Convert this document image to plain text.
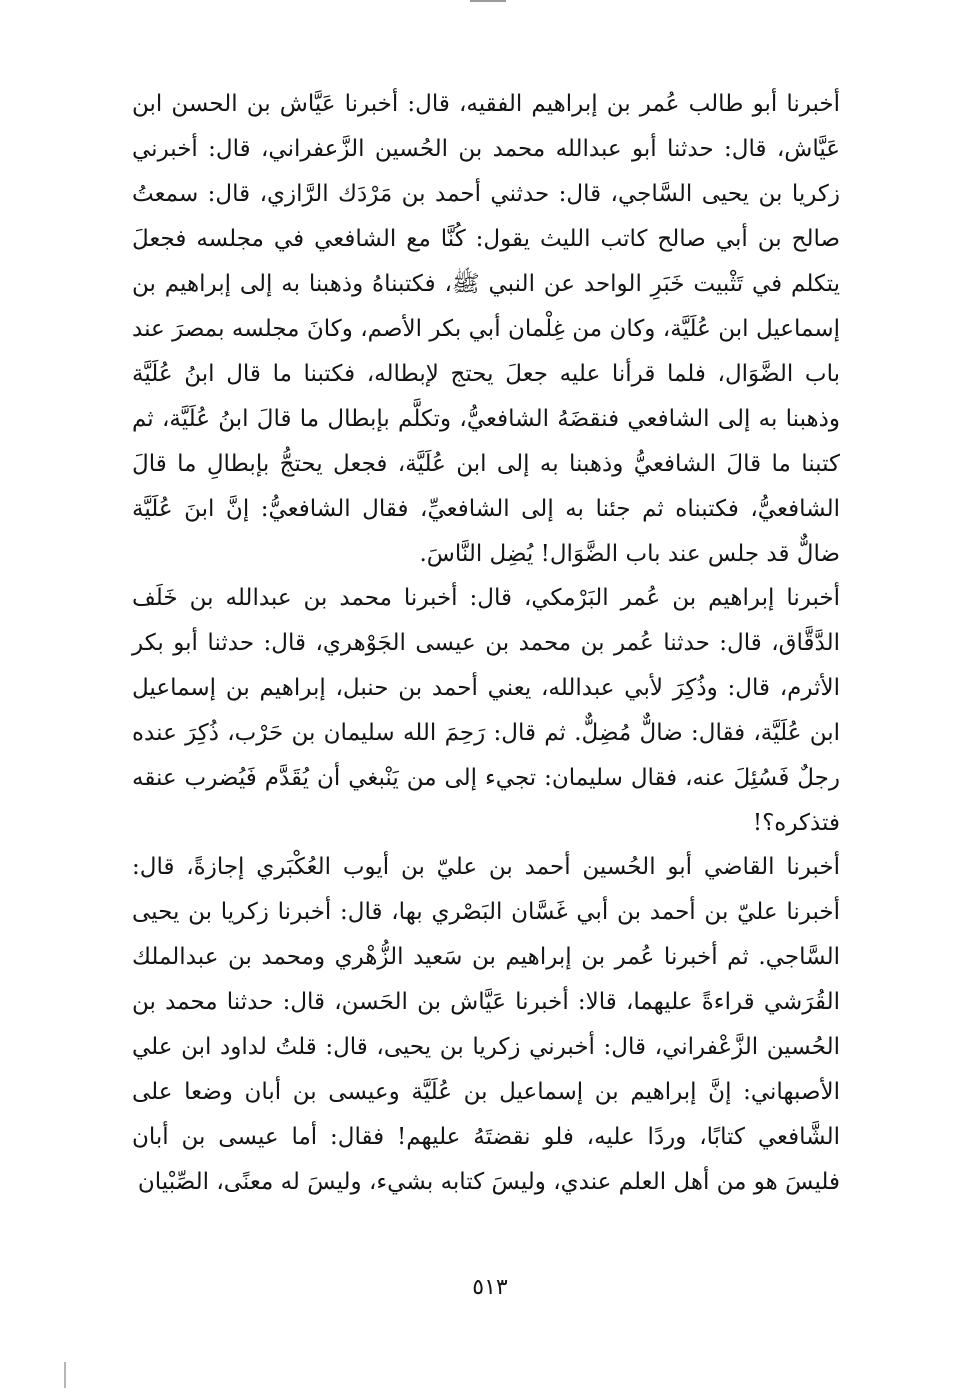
أخبرنا أبو طالب عُمر بن إبراهيم الفقيه، قال: أخبرنا عَيَّاش بن الحسن ابن عَيَّاش، قال: حدثنا أبو عبدالله محمد بن الحُسين الزَّعفراني، قال: أخبرني زكريا بن يحيى السَّاجي، قال: حدثني أحمد بن مَرْدَك الرَّازي، قال: سمعتُ صالح بن أبي صالح كاتب الليث يقول: كُنَّا مع الشافعي في مجلسه فجعلَ يتكلم في تَثْبيت خَبَرِ الواحد عن النبي ﷺ، فكتبناهُ وذهبنا به إلى إبراهيم بن إسماعيل ابن عُلَيَّة، وكان من غِلْمان أبي بكر الأصم، وكانَ مجلسه بمصرَ عند باب الضَّوَال، فلما قرأنا عليه جعلَ يحتج لإبطاله، فكتبنا ما قال ابنُ عُلَيَّة وذهبنا به إلى الشافعي فنقضَهُ الشافعيُّ، وتكلَّم بإبطال ما قالَ ابنُ عُلَيَّة، ثم كتبنا ما قالَ الشافعيُّ وذهبنا به إلى ابن عُلَيَّة، فجعل يحتجُّ بإبطالِ ما قالَ الشافعيُّ، فكتبناه ثم جئنا به إلى الشافعيِّ، فقال الشافعيُّ: إنَّ ابنَ عُلَيَّة ضالٌّ قد جلس عند باب الضَّوَال! يُضِل النَّاسَ.

أخبرنا إبراهيم بن عُمر البَرْمكي، قال: أخبرنا محمد بن عبدالله بن خَلَف الدَّقَّاق، قال: حدثنا عُمر بن محمد بن عيسى الجَوْهري، قال: حدثنا أبو بكر الأثرم، قال: وذُكِرَ لأبي عبدالله، يعني أحمد بن حنبل، إبراهيم بن إسماعيل ابن عُلَيَّة، فقال: ضالٌّ مُضِلٌّ. ثم قال: رَحِمَ الله سليمان بن حَرْب، ذُكِرَ عنده رجلٌ فَسُئِلَ عنه، فقال سليمان: تجيء إلى من يَنْبغي أن يُقَدَّم فَيُضرب عنقه فتذكره؟!

أخبرنا القاضي أبو الحُسين أحمد بن عليّ بن أيوب العُكْبَري إجازةً، قال: أخبرنا عليّ بن أحمد بن أبي غَسَّان البَصْري بها، قال: أخبرنا زكريا بن يحيى السَّاجي. ثم أخبرنا عُمر بن إبراهيم بن سَعيد الزُّهْري ومحمد بن عبدالملك القُرَشي قراءةً عليهما، قالا: أخبرنا عَيَّاش بن الحَسن، قال: حدثنا محمد بن الحُسين الزَّعْفراني، قال: أخبرني زكريا بن يحيى، قال: قلتُ لداود ابن علي الأصبهاني: إنَّ إبراهيم بن إسماعيل بن عُلَيَّة وعيسى بن أبان وضعا على الشَّافعي كتابًا، وردًا عليه، فلو نقضتَهُ عليهم! فقال: أما عيسى بن أبان فليسَ هو من أهل العلم عندي، وليسَ كتابه بشيء، وليسَ له معنًى، الصِّبْيان

٥١٣
